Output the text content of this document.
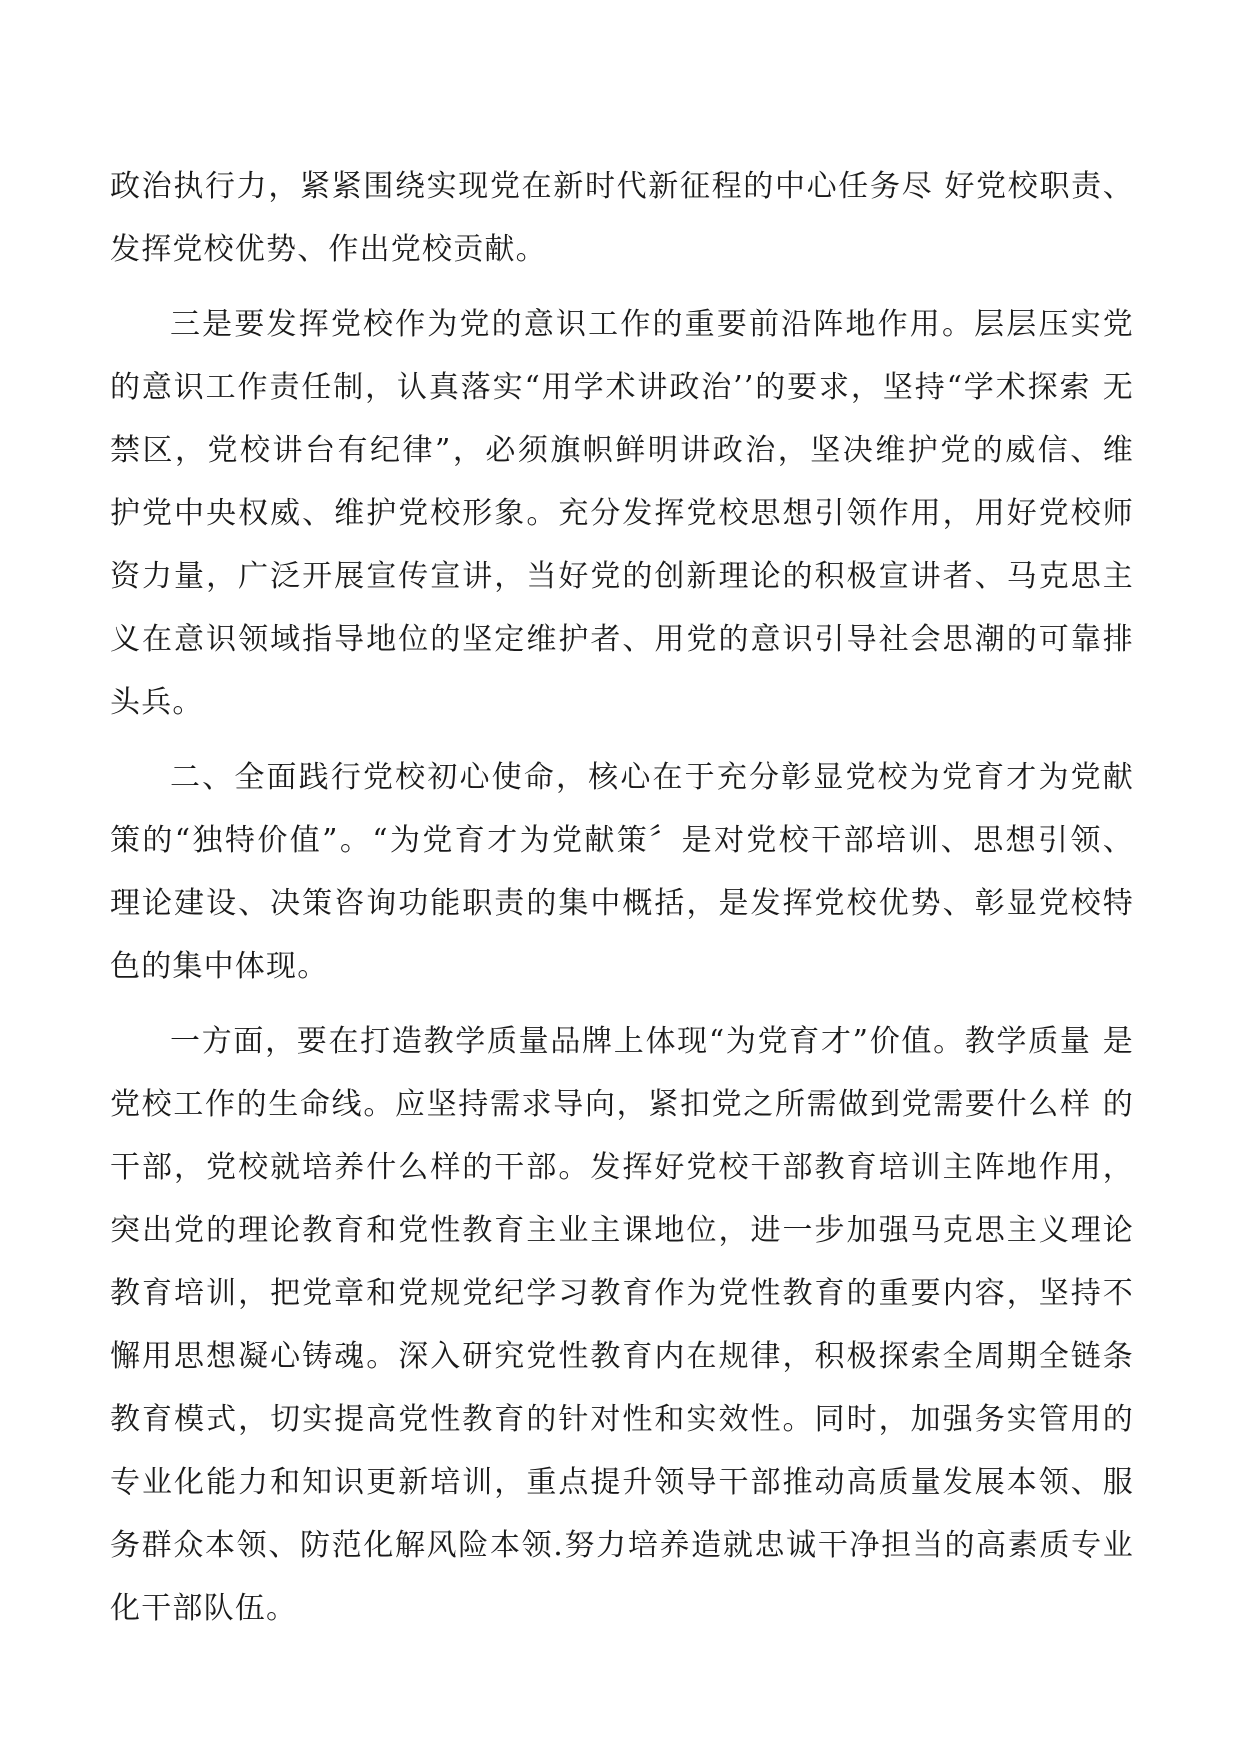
政治执行力，紧紧围绕实现党在新时代新征程的中心任务尽 好党校职责、发挥党校优势、作出党校贡献。

三是要发挥党校作为党的意识工作的重要前沿阵地作用。层层压实党 的意识工作责任制，认真落实“用学术讲政治’’的要求，坚持“学术探索 无禁区，党校讲台有纪律”，必须旗帜鲜明讲政治，坚决维护党的威信、维 护党中央权威、维护党校形象。充分发挥党校思想引领作用，用好党校师 资力量，广泛开展宣传宣讲，当好党的创新理论的积极宣讲者、马克思主 义在意识领域指导地位的坚定维护者、用党的意识引导社会思潮的可靠排 头兵。

二、全面践行党校初心使命，核心在于充分彰显党校为党育才为党献 策的“独特价值”。“为党育才为党献策〞是对党校干部培训、思想引领、 理论建设、决策咨询功能职责的集中概括，是发挥党校优势、彰显党校特 色的集中体现。

一方面，要在打造教学质量品牌上体现“为党育才”价值。教学质量 是党校工作的生命线。应坚持需求导向，紧扣党之所需做到党需要什么样 的干部，党校就培养什么样的干部。发挥好党校干部教育培训主阵地作用， 突出党的理论教育和党性教育主业主课地位，进一步加强马克思主义理论 教育培训，把党章和党规党纪学习教育作为党性教育的重要内容，坚持不 懈用思想凝心铸魂。深入研究党性教育内在规律，积极探索全周期全链条 教育模式，切实提高党性教育的针对性和实效性。同时，加强务实管用的 专业化能力和知识更新培训，重点提升领导干部推动高质量发展本领、服 务群众本领、防范化解风险本领.努力培养造就忠诚干净担当的高素质专业 化干部队伍。
